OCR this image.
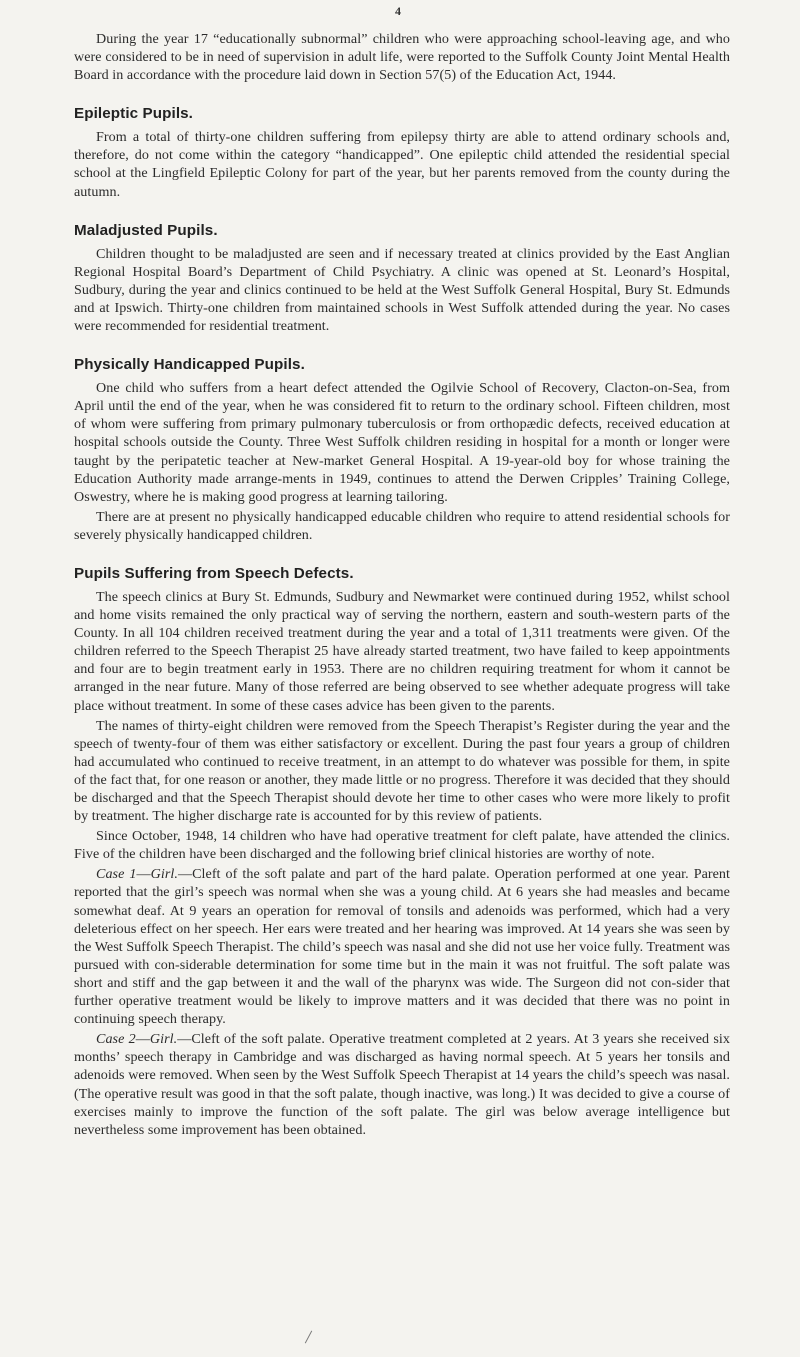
4

During the year 17 “educationally subnormal” children who were approaching school-leaving age, and who were considered to be in need of supervision in adult life, were reported to the Suffolk County Joint Mental Health Board in accordance with the procedure laid down in Section 57(5) of the Education Act, 1944.

Epileptic Pupils.

From a total of thirty-one children suffering from epilepsy thirty are able to attend ordinary schools and, therefore, do not come within the category “handicapped”. One epileptic child attended the residential special school at the Lingfield Epileptic Colony for part of the year, but her parents removed from the county during the autumn.

Maladjusted Pupils.

Children thought to be maladjusted are seen and if necessary treated at clinics provided by the East Anglian Regional Hospital Board’s Department of Child Psychiatry. A clinic was opened at St. Leonard’s Hospital, Sudbury, during the year and clinics continued to be held at the West Suffolk General Hospital, Bury St. Edmunds and at Ipswich. Thirty-one children from maintained schools in West Suffolk attended during the year. No cases were recommended for residential treatment.

Physically Handicapped Pupils.

One child who suffers from a heart defect attended the Ogilvie School of Recovery, Clacton-on-Sea, from April until the end of the year, when he was considered fit to return to the ordinary school. Fifteen children, most of whom were suffering from primary pulmonary tuberculosis or from orthopædic defects, received education at hospital schools outside the County. Three West Suffolk children residing in hospital for a month or longer were taught by the peripatetic teacher at New-market General Hospital. A 19-year-old boy for whose training the Education Authority made arrange-ments in 1949, continues to attend the Derwen Cripples’ Training College, Oswestry, where he is making good progress at learning tailoring.

There are at present no physically handicapped educable children who require to attend residential schools for severely physically handicapped children.

Pupils Suffering from Speech Defects.

The speech clinics at Bury St. Edmunds, Sudbury and Newmarket were continued during 1952, whilst school and home visits remained the only practical way of serving the northern, eastern and south-western parts of the County. In all 104 children received treatment during the year and a total of 1,311 treatments were given. Of the children referred to the Speech Therapist 25 have already started treatment, two have failed to keep appointments and four are to begin treatment early in 1953. There are no children requiring treatment for whom it cannot be arranged in the near future. Many of those referred are being observed to see whether adequate progress will take place without treatment. In some of these cases advice has been given to the parents.

The names of thirty-eight children were removed from the Speech Therapist’s Register during the year and the speech of twenty-four of them was either satisfactory or excellent. During the past four years a group of children had accumulated who continued to receive treatment, in an attempt to do whatever was possible for them, in spite of the fact that, for one reason or another, they made little or no progress. Therefore it was decided that they should be discharged and that the Speech Therapist should devote her time to other cases who were more likely to profit by treatment. The higher discharge rate is accounted for by this review of patients.

Since October, 1948, 14 children who have had operative treatment for cleft palate, have attended the clinics. Five of the children have been discharged and the following brief clinical histories are worthy of note.

Case 1—Girl.—Cleft of the soft palate and part of the hard palate. Operation performed at one year. Parent reported that the girl’s speech was normal when she was a young child. At 6 years she had measles and became somewhat deaf. At 9 years an operation for removal of tonsils and adenoids was performed, which had a very deleterious effect on her speech. Her ears were treated and her hearing was improved. At 14 years she was seen by the West Suffolk Speech Therapist. The child’s speech was nasal and she did not use her voice fully. Treatment was pursued with con-siderable determination for some time but in the main it was not fruitful. The soft palate was short and stiff and the gap between it and the wall of the pharynx was wide. The Surgeon did not con-sider that further operative treatment would be likely to improve matters and it was decided that there was no point in continuing speech therapy.

Case 2—Girl.—Cleft of the soft palate. Operative treatment completed at 2 years. At 3 years she received six months’ speech therapy in Cambridge and was discharged as having normal speech. At 5 years her tonsils and adenoids were removed. When seen by the West Suffolk Speech Therapist at 14 years the child’s speech was nasal. (The operative result was good in that the soft palate, though inactive, was long.) It was decided to give a course of exercises mainly to improve the function of the soft palate. The girl was below average intelligence but nevertheless some improvement has been obtained.
